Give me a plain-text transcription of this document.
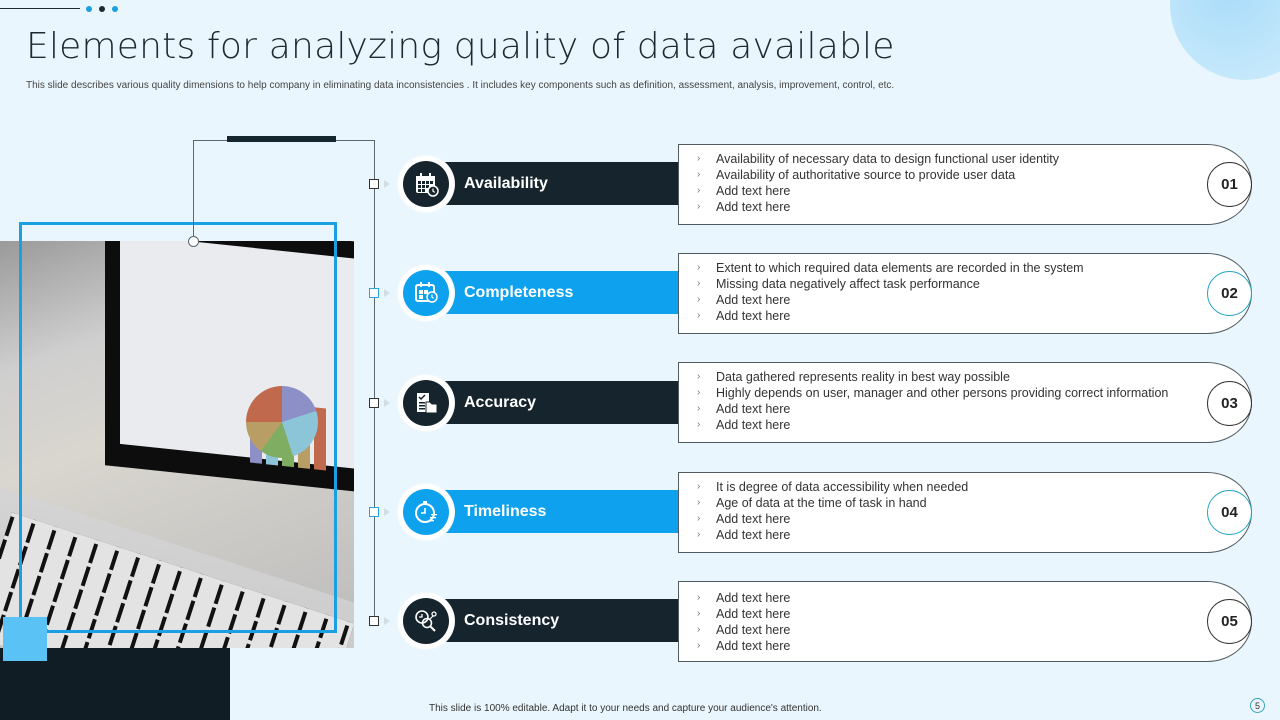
Elements for analyzing quality of data available
This slide describes various quality dimensions to help company in eliminating data inconsistencies . It includes key components such as definition, assessment, analysis, improvement, control, etc.
Availability
›	Availability of necessary data to design functional user identity
›	Availability of authoritative source to provide user data
›	Add text here
›	Add text here
01
Completeness
›	Extent to which required data elements are recorded in the system
›	Missing data negatively affect task performance
›	Add text here
›	Add text here
02
Accuracy
›	Data gathered represents reality in best way possible
›	Highly depends on user, manager and other persons providing correct information
›	Add text here
›	Add text here
03
Timeliness
›	It is degree of data accessibility when needed
›	Age of data at the time of task in hand
›	Add text here
›	Add text here
04
Consistency
›	Add text here
›	Add text here
›	Add text here
›	Add text here
05
This slide is 100% editable. Adapt it to your needs and capture your audience's attention.	5
